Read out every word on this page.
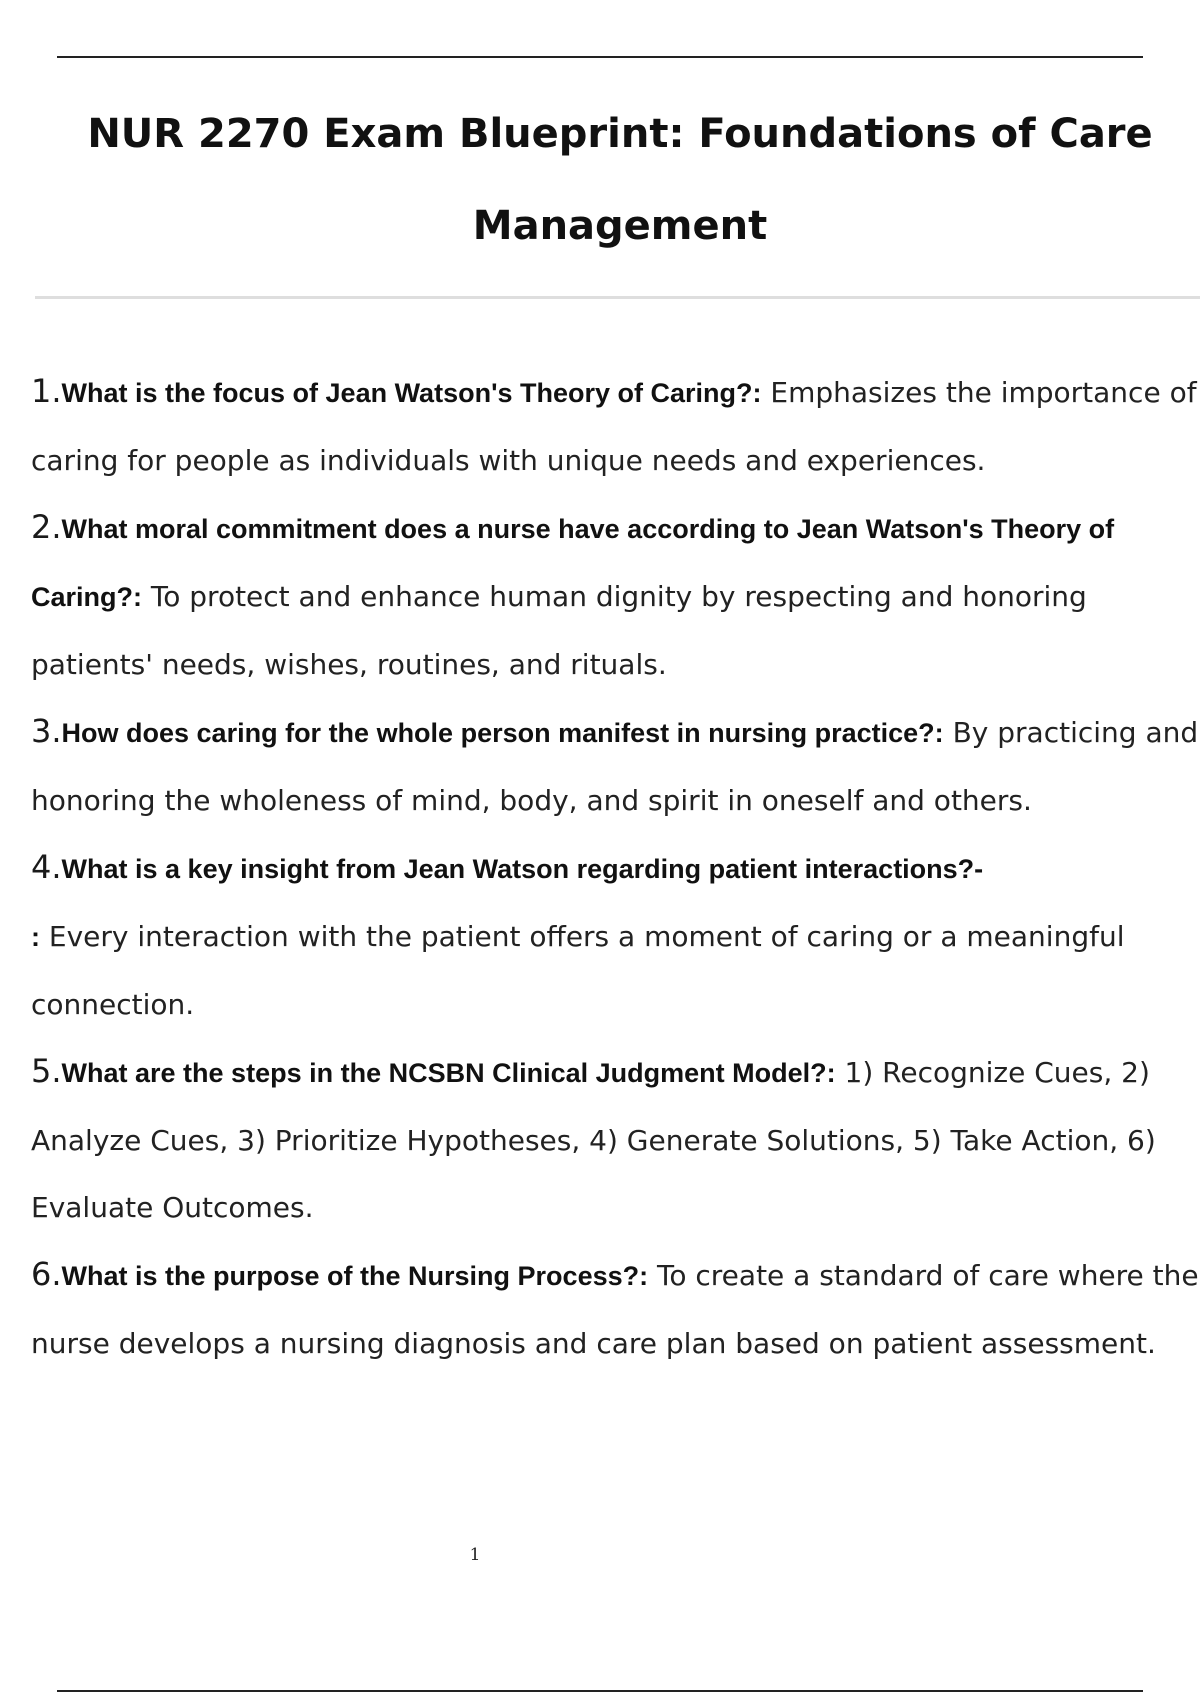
NUR 2270 Exam Blueprint: Foundations of Care Management
1.What is the focus of Jean Watson's Theory of Caring?: Emphasizes the importance of caring for people as individuals with unique needs and experiences.
2.What moral commitment does a nurse have according to Jean Watson's Theory of Caring?: To protect and enhance human dignity by respecting and honoring patients' needs, wishes, routines, and rituals.
3.How does caring for the whole person manifest in nursing practice?: By practicing and honoring the wholeness of mind, body, and spirit in oneself and others.
4.What is a key insight from Jean Watson regarding patient interactions?-
: Every interaction with the patient offers a moment of caring or a meaningful connection.
5.What are the steps in the NCSBN Clinical Judgment Model?: 1) Recognize Cues, 2) Analyze Cues, 3) Prioritize Hypotheses, 4) Generate Solutions, 5) Take Action, 6) Evaluate Outcomes.
6.What is the purpose of the Nursing Process?: To create a standard of care where the nurse develops a nursing diagnosis and care plan based on patient assessment.
1
